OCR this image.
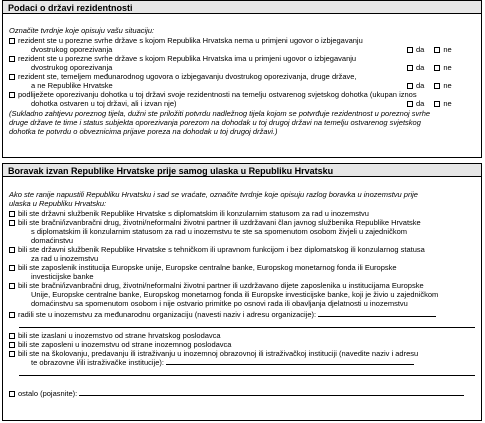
Podaci o državi rezidentnosti
Označite tvrdnje koje opisuju vašu situaciju:
rezident ste u porezne svrhe države s kojom Republika Hrvatska nema u primjeni ugovor o izbjegavanju
dvostrukog oporezivanja	da	ne
rezident ste u porezne svrhe države s kojom Republika Hrvatska ima u primjeni ugovor o izbjegavanju
dvostrukog oporezivanja	da	ne
rezident ste, temeljem međunarodnog ugovora o izbjegavanju dvostrukog oporezivanja, druge države,
a ne Republike Hrvatske	da	ne
podliježete oporezivanju dohotka u toj državi svoje rezidentnosti na temelju ostvarenog svjetskog dohotka (ukupan iznos
dohotka ostvaren u toj državi, ali i izvan nje)	da	ne
(Sukladno zahtjevu poreznog tijela, dužni ste priložiti potvrdu nadležnog tijela kojom se potvrđuje rezidentnost u poreznoj svrhe
druge države te time i status subjekta oporezivanja porezom na dohodak u toj drugoj državi na temelju ostvarenog svjetskog
dohotka te potvrdu o obveznicima prijave poreza na dohodak u toj drugoj državi.)
Boravak izvan Republike Hrvatske prije samog ulaska u Republiku Hrvatsku
Ako ste ranije napustili Republiku Hrvatsku i sad se vraćate, označite tvrdnje koje opisuju razlog boravka u inozemstvu prije
ulaska u Republiku Hrvatsku:
bili ste državni službenik Republike Hrvatske s diplomatskim ili konzularnim statusom za rad u inozemstvu
bili ste bračni/izvanbračni drug, životni/neformalni životni partner ili uzdržavani član javnog službenika Republike Hrvatske
s diplomatskim ili konzularnim statusom za rad u inozemstvu te ste sa spomenutom osobom živjeli u zajedničkom
domaćinstvu
bili ste državni službenik Republike Hrvatske s tehničkom ili upravnom funkcijom i bez diplomatskog ili konzularnog statusa
za rad u inozemstvu
bili ste zaposlenik institucija Europske unije, Europske centralne banke, Europskog monetarnog fonda ili Europske
investicijske banke
bili ste bračni/izvanbračni drug, životni/neformalni životni partner ili uzdržavano dijete zaposlenika u institucijama Europske
Unije, Europske centralne banke, Europskog monetarnog fonda ili Europske investicijske banke, koji je živio u zajedničkom
domaćinstvu sa spomenutom osobom i nije ostvario primitke po osnovi rada ili obavljanja djelatnosti u inozemstvu
radili ste u inozemstvu za međunarodnu organizaciju (navesti naziv i adresu organizacije):
bili ste izaslani u inozemstvo od strane hrvatskog poslodavca
bili ste zaposleni u inozemstvu od strane inozemnog poslodavca
bili ste na školovanju, predavanju ili istraživanju u inozemnoj obrazovnoj ili istraživačkoj instituciji (navedite naziv i adresu
te obrazovne i/ili istraživačke institucije):
ostalo (pojasnite):
